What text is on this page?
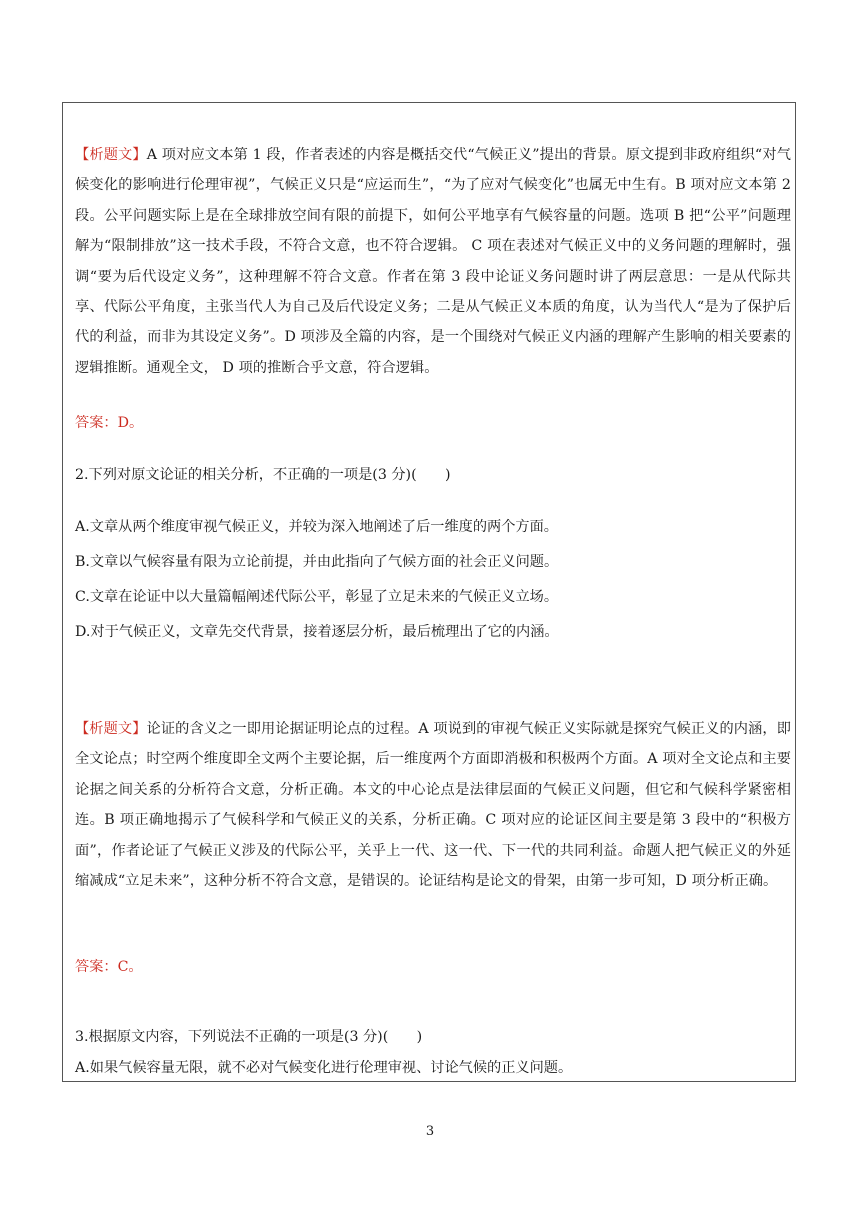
【析题文】A 项对应文本第 1 段，作者表述的内容是概括交代“气候正义”提出的背景。原文提到非政府组织“对气候变化的影响进行伦理审视”，气候正义只是“应运而生”，“为了应对气候变化”也属无中生有。B 项对应文本第 2 段。公平问题实际上是在全球排放空间有限的前提下，如何公平地享有气候容量的问题。选项 B 把“公平”问题理解为“限制排放”这一技术手段，不符合文意，也不符合逻辑。 C 项在表述对气候正义中的义务问题的理解时，强调“要为后代设定义务”，这种理解不符合文意。作者在第 3 段中论证义务问题时讲了两层意思：一是从代际共享、代际公平角度，主张当代人为自己及后代设定义务；二是从气候正义本质的角度，认为当代人“是为了保护后代的利益，而非为其设定义务”。D 项涉及全篇的内容，是一个围绕对气候正义内涵的理解产生影响的相关要素的逻辑推断。通观全文， D 项的推断合乎文意，符合逻辑。
答案：D。
2.下列对原文论证的相关分析，不正确的一项是(3 分)(　　)
A.文章从两个维度审视气候正义，并较为深入地阐述了后一维度的两个方面。
B.文章以气候容量有限为立论前提，并由此指向了气候方面的社会正义问题。
C.文章在论证中以大量篇幅阐述代际公平，彰显了立足未来的气候正义立场。
D.对于气候正义，文章先交代背景，接着逐层分析，最后梳理出了它的内涵。
【析题文】论证的含义之一即用论据证明论点的过程。A 项说到的审视气候正义实际就是探究气候正义的内涵，即全文论点；时空两个维度即全文两个主要论据，后一维度两个方面即消极和积极两个方面。A 项对全文论点和主要论据之间关系的分析符合文意，分析正确。本文的中心论点是法律层面的气候正义问题，但它和气候科学紧密相连。B 项正确地揭示了气候科学和气候正义的关系，分析正确。C 项对应的论证区间主要是第 3 段中的“积极方面”，作者论证了气候正义涉及的代际公平，关乎上一代、这一代、下一代的共同利益。命题人把气候正义的外延缩减成“立足未来”，这种分析不符合文意，是错误的。论证结构是论文的骨架，由第一步可知，D 项分析正确。
答案：C。
3.根据原文内容，下列说法不正确的一项是(3 分)(　　)
A.如果气候容量无限，就不必对气候变化进行伦理审视、讨论气候的正义问题。
3
